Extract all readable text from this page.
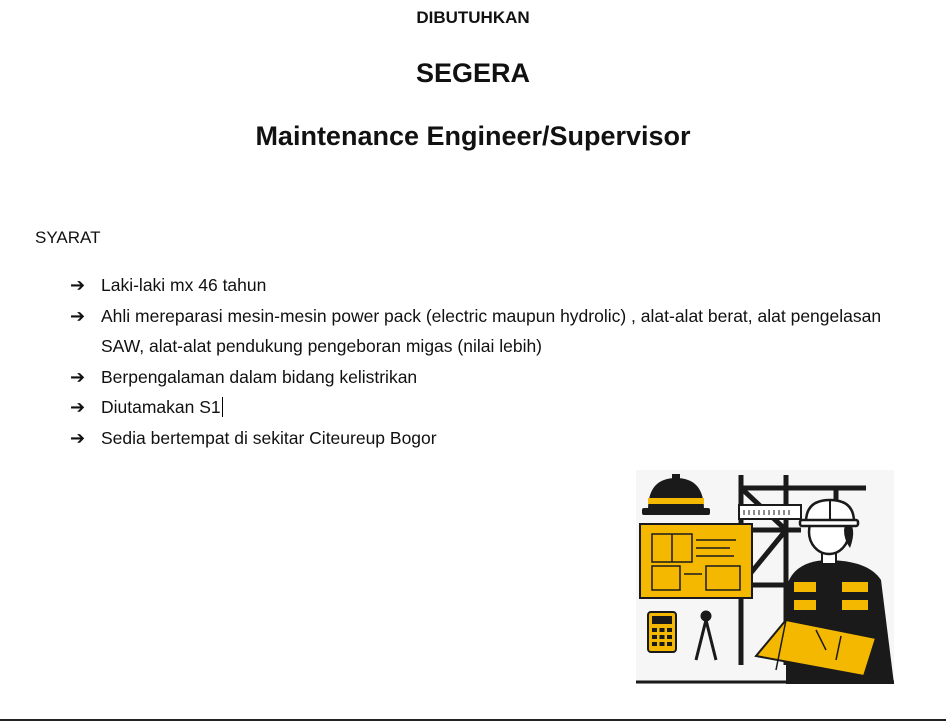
DIBUTUHKAN
SEGERA
Maintenance Engineer/Supervisor
SYARAT
➔ Laki-laki mx 46 tahun
➔ Ahli mereparasi mesin-mesin power pack (electric maupun hydrolic) , alat-alat berat, alat pengelasan SAW, alat-alat pendukung pengeboran migas (nilai lebih)
➔ Berpengalaman dalam bidang kelistrikan
➔ Diutamakan S1
➔ Sedia bertempat di sekitar Citeureup Bogor
